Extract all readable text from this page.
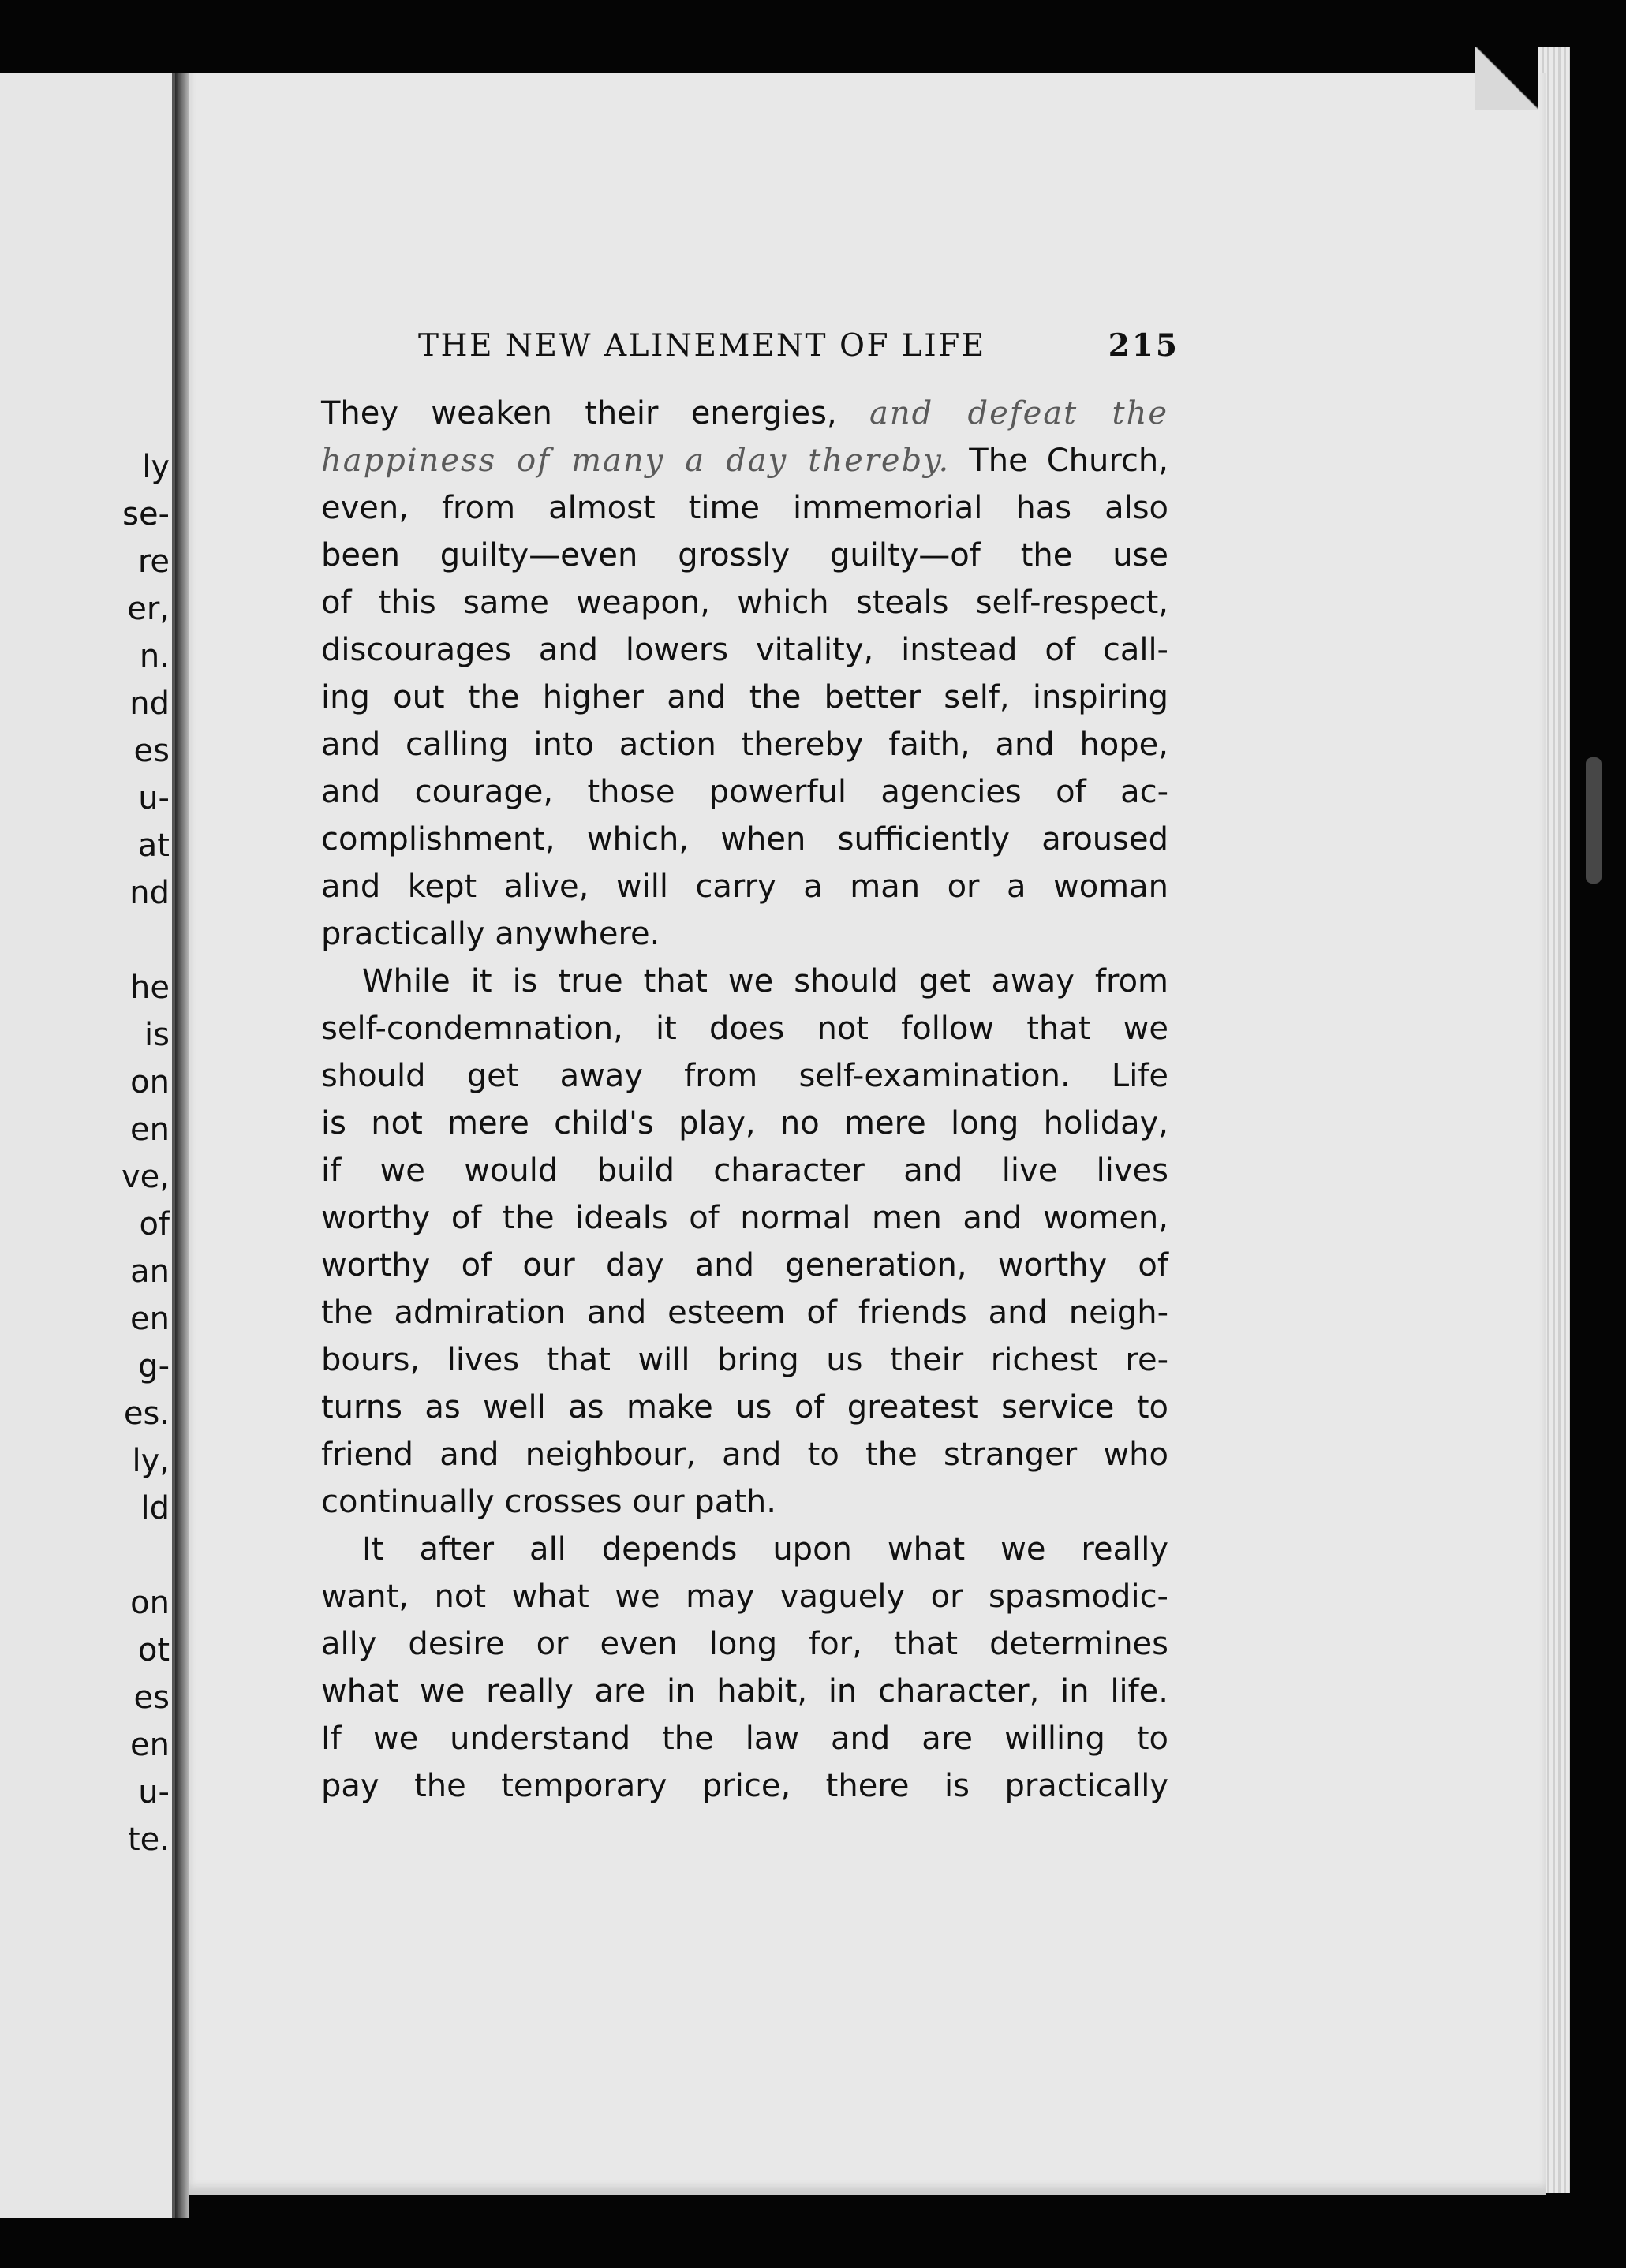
ly
se-
re
er,
n.
nd
es
u-
at
nd
he
is
on
en
ve,
of
an
en
g-
es.
ly,
ld
on
ot
es
en
u-
te.
THE NEW ALINEMENT OF LIFE	215
They weaken their energies, and defeat the
happiness of many a day thereby. The Church,
even, from almost time immemorial has also
been guilty—even grossly guilty—of the use
of this same weapon, which steals self-respect,
discourages and lowers vitality, instead of call-
ing out the higher and the better self, inspiring
and calling into action thereby faith, and hope,
and courage, those powerful agencies of ac-
complishment, which, when sufficiently aroused
and kept alive, will carry a man or a woman
practically anywhere.
While it is true that we should get away from
self-condemnation, it does not follow that we
should get away from self-examination. Life
is not mere child's play, no mere long holiday,
if we would build character and live lives
worthy of the ideals of normal men and women,
worthy of our day and generation, worthy of
the admiration and esteem of friends and neigh-
bours, lives that will bring us their richest re-
turns as well as make us of greatest service to
friend and neighbour, and to the stranger who
continually crosses our path.
It after all depends upon what we really
want, not what we may vaguely or spasmodic-
ally desire or even long for, that determines
what we really are in habit, in character, in life.
If we understand the law and are willing to
pay the temporary price, there is practically
